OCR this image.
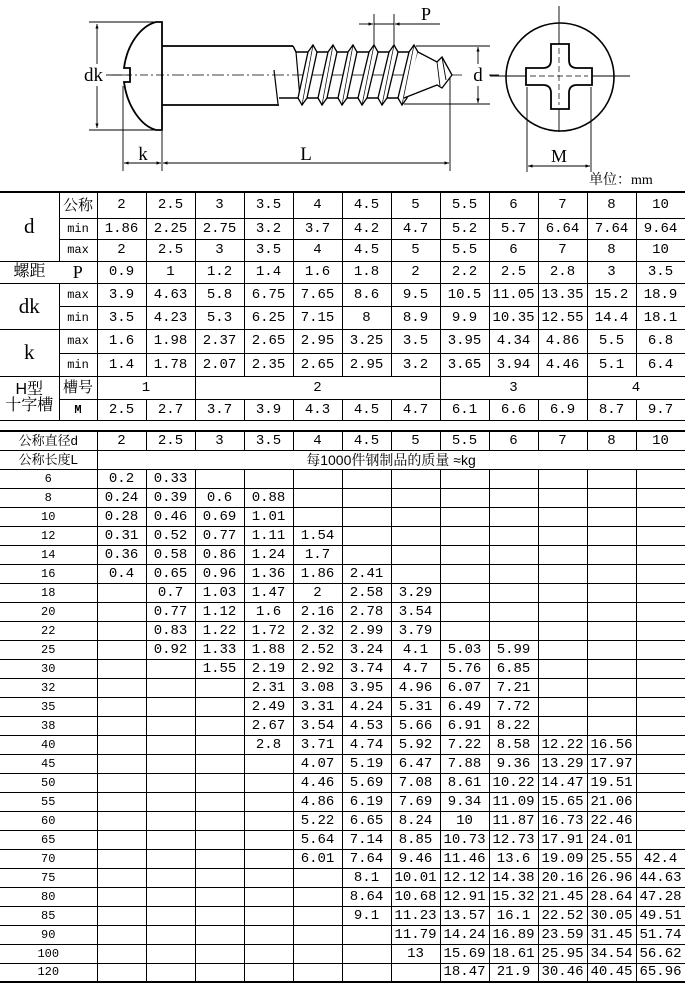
dk
k	L
P
d
M
单位：mm
d	公称	2	2.5	3	3.5	4	4.5	5	5.5	6	7	8	10
	min	1.86	2.25	2.75	3.2	3.7	4.2	4.7	5.2	5.7	6.64	7.64	9.64
	max	2	2.5	3	3.5	4	4.5	5	5.5	6	7	8	10
螺距	P	0.9	1	1.2	1.4	1.6	1.8	2	2.2	2.5	2.8	3	3.5
dk	max	3.9	4.63	5.8	6.75	7.65	8.6	9.5	10.5	11.05	13.35	15.2	18.9
	min	3.5	4.23	5.3	6.25	7.15	8	8.9	9.9	10.35	12.55	14.4	18.1
k	max	1.6	1.98	2.37	2.65	2.95	3.25	3.5	3.95	4.34	4.86	5.5	6.8
	min	1.4	1.78	2.07	2.35	2.65	2.95	3.2	3.65	3.94	4.46	5.1	6.4

H型
十字槽	槽号	1		2					3			4	
	M	2.5	2.7	3.7	3.9	4.3	4.5	4.7	6.1	6.6	6.9	8.7	9.7
公称直径d	2	2.5	3	3.5	4	4.5	5	5.5	6	7	8	10
公称长度L	每1000件钢制品的质量 ≈kg											
6	0.2	0.33										
8	0.24	0.39	0.6	0.88								
10	0.28	0.46	0.69	1.01								
12	0.31	0.52	0.77	1.11	1.54							
14	0.36	0.58	0.86	1.24	1.7							
16	0.4	0.65	0.96	1.36	1.86	2.41						
18		0.7	1.03	1.47	2	2.58	3.29					
20		0.77	1.12	1.6	2.16	2.78	3.54					
22		0.83	1.22	1.72	2.32	2.99	3.79					
25		0.92	1.33	1.88	2.52	3.24	4.1	5.03	5.99			
30			1.55	2.19	2.92	3.74	4.7	5.76	6.85			
32				2.31	3.08	3.95	4.96	6.07	7.21			
35				2.49	3.31	4.24	5.31	6.49	7.72			
38				2.67	3.54	4.53	5.66	6.91	8.22			
40				2.8	3.71	4.74	5.92	7.22	8.58	12.22	16.56	
45					4.07	5.19	6.47	7.88	9.36	13.29	17.97	
50					4.46	5.69	7.08	8.61	10.22	14.47	19.51	
55					4.86	6.19	7.69	9.34	11.09	15.65	21.06	
60					5.22	6.65	8.24	10	11.87	16.73	22.46	
65					5.64	7.14	8.85	10.73	12.73	17.91	24.01	
70					6.01	7.64	9.46	11.46	13.6	19.09	25.55	42.4
75						8.1	10.01	12.12	14.38	20.16	26.96	44.63
80						8.64	10.68	12.91	15.32	21.45	28.64	47.28
85						9.1	11.23	13.57	16.1	22.52	30.05	49.51
90							11.79	14.24	16.89	23.59	31.45	51.74
100							13	15.69	18.61	25.95	34.54	56.62
120								18.47	21.9	30.46	40.45	65.96
